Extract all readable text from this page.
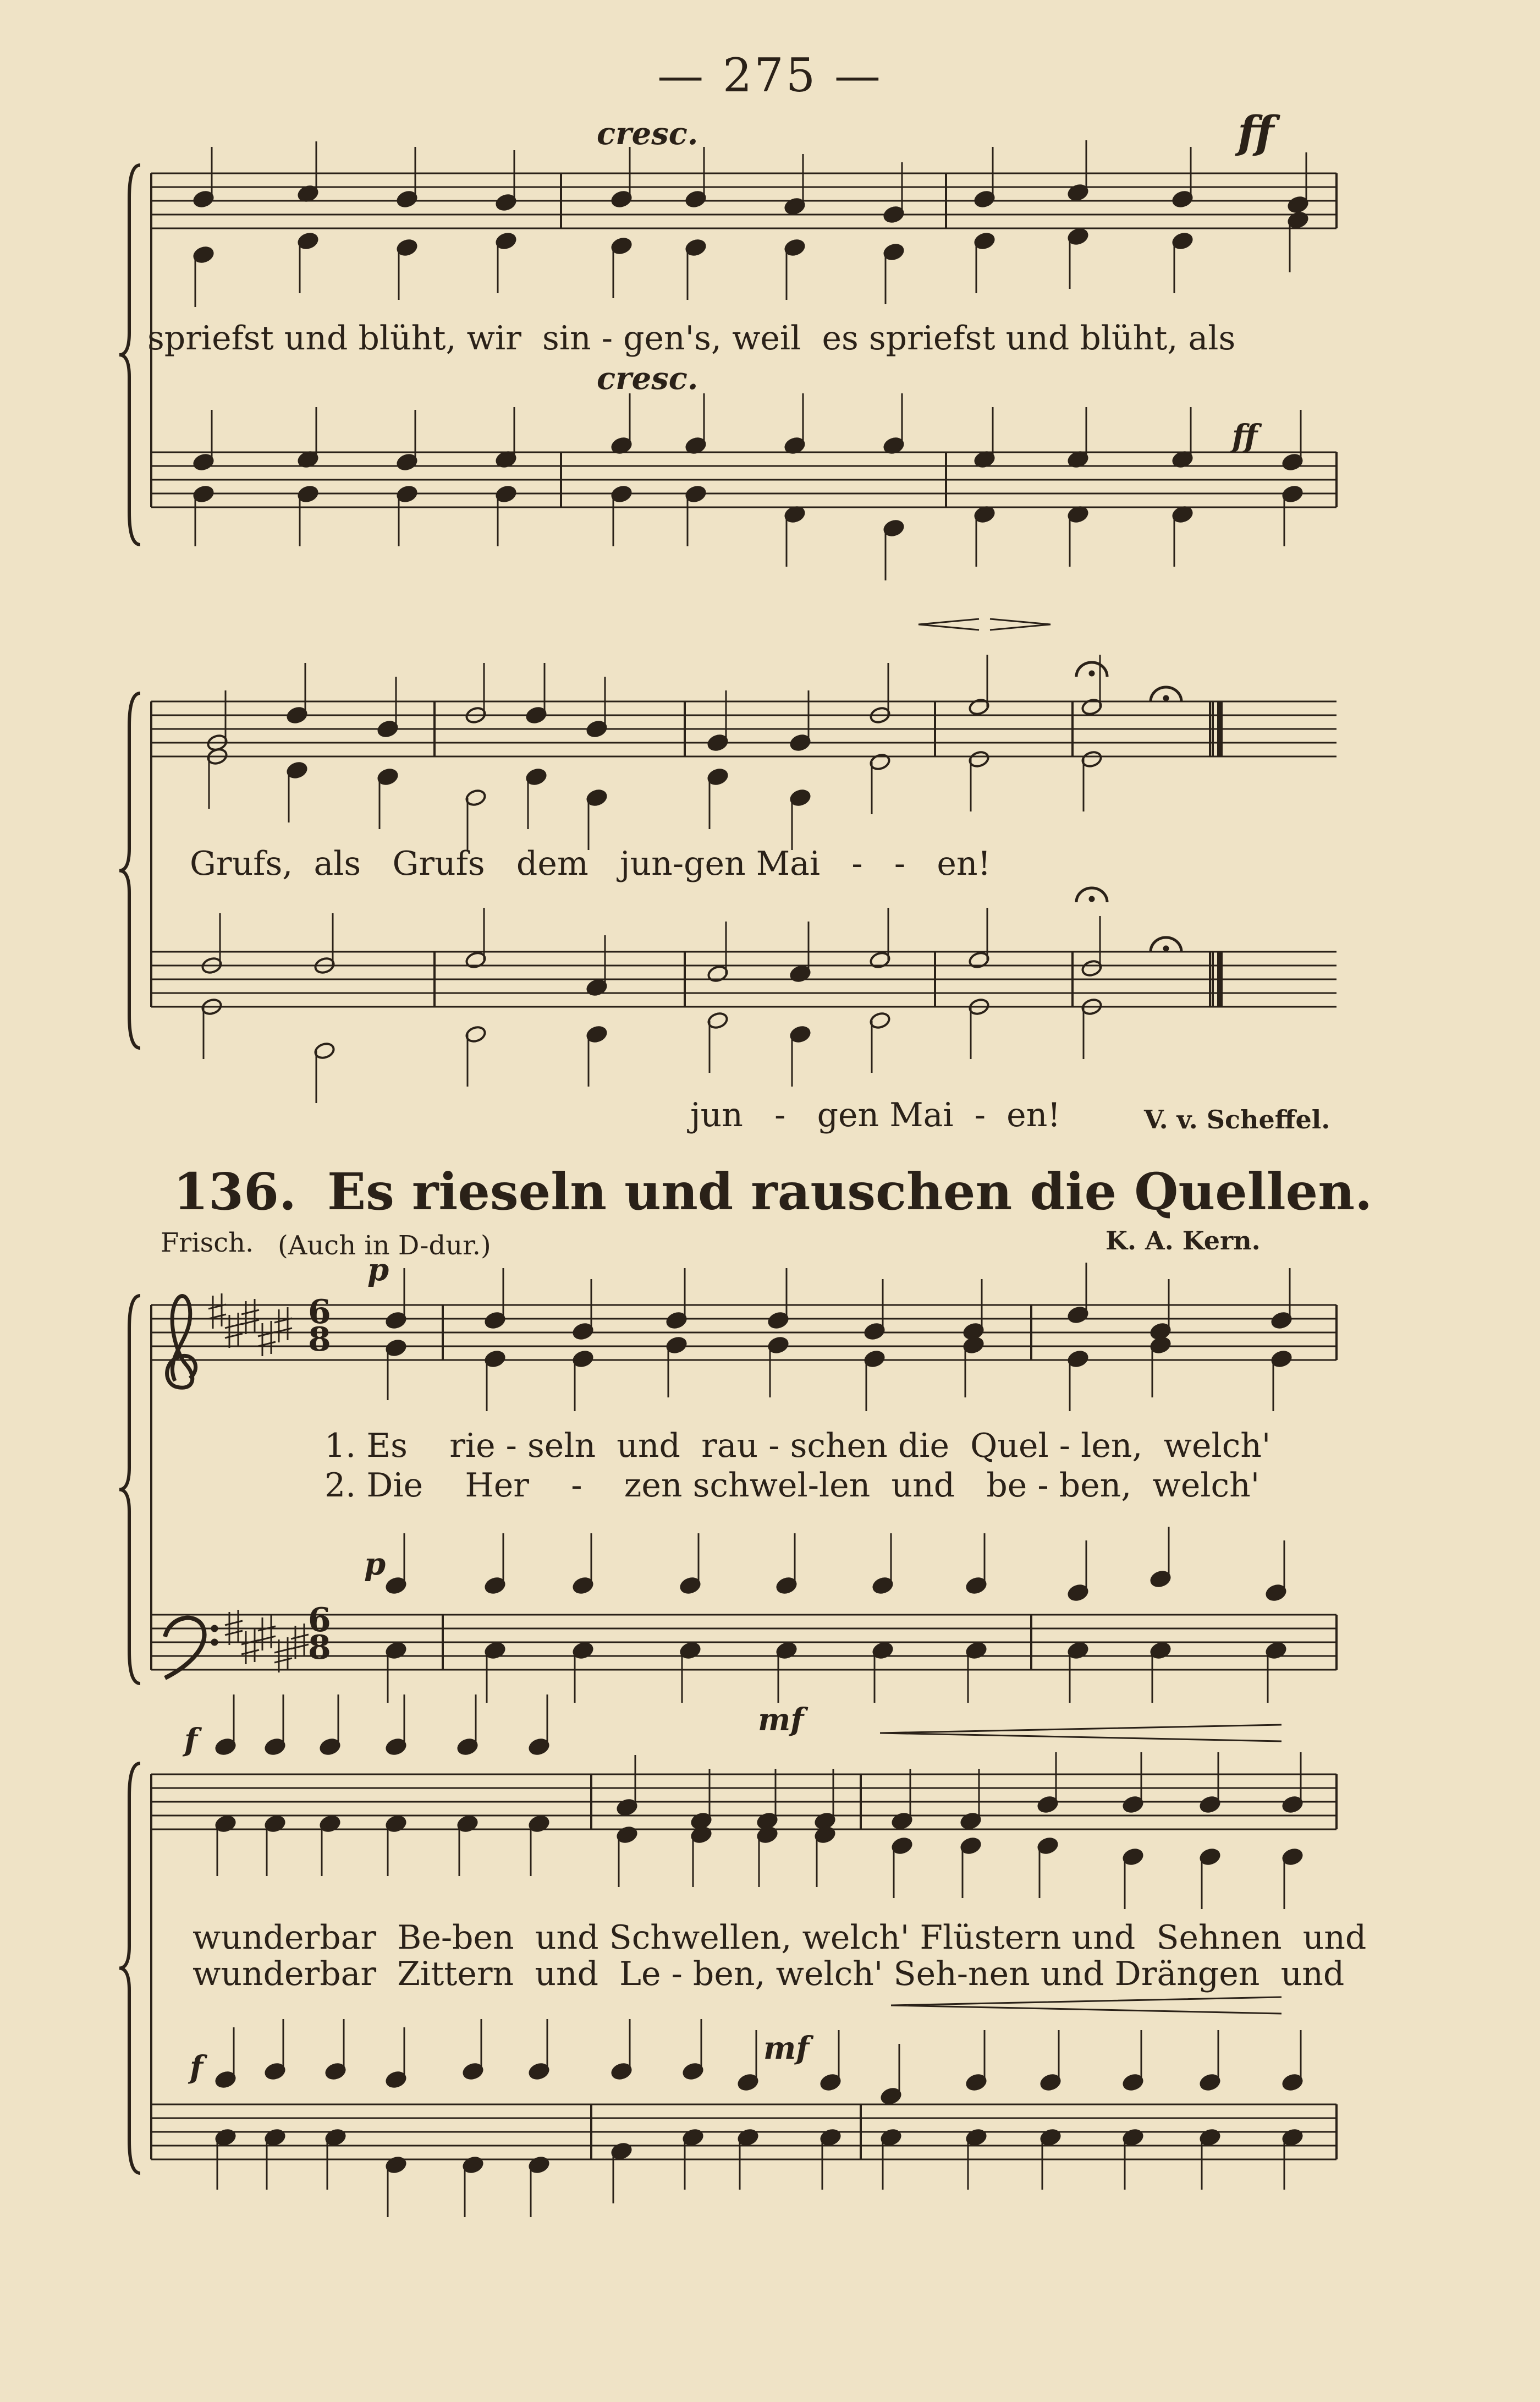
— 275 —
cresc.	ff
spriefst und blüht, wir  sin - gen's, weil  es spriefst und blüht, als
cresc.
ff
Grufs,  als   Grufs   dem   jun-gen Mai   -   -   en!
jun   -   gen Mai  -  en!	V. v. Scheffel.
136. Es rieseln und rauschen die Quellen.
Frisch. (Auch in D-dur.)	K. A. Kern.
p
1. Es    rie - seln  und  rau - schen die  Quel - len,  welch'
2. Die    Her    -    zen schwel-len  und   be - ben,  welch'
p
f
mf
wunderbar  Be-ben  und Schwellen, welch' Flüstern und  Sehnen  und
wunderbar  Zittern  und  Le - ben, welch' Seh-nen und Drängen  und
f
mf
6
8
6
8
